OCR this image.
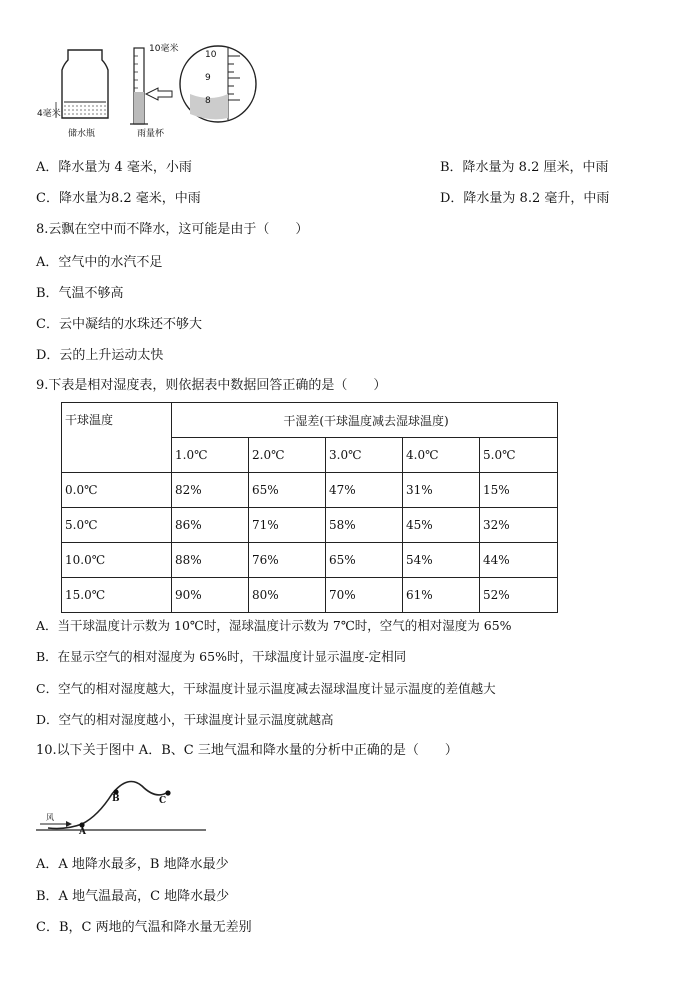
10毫米
10
9
8
4毫米
储水瓶	雨量杯
A．降水量为 4 毫米，小雨	B．降水量为 8.2 厘米，中雨
C．降水量为8.2 毫米，中雨	D．降水量为 8.2 毫升，中雨
8.云飘在空中而不降水，这可能是由于（　　）
A．空气中的水汽不足
B．气温不够高
C．云中凝结的水珠还不够大
D．云的上升运动太快
9.下表是相对湿度表，则依据表中数据回答正确的是（　　）
干球温度	干湿差(干球温度减去湿球温度)				
	1.0℃	2.0℃	3.0℃	4.0℃	5.0℃
0.0℃	82%	65%	47%	31%	15%
5.0℃	86%	71%	58%	45%	32%
10.0℃	88%	76%	65%	54%	44%
15.0℃	90%	80%	70%	61%	52%
A．当干球温度计示数为 10℃时，湿球温度计示数为 7℃时，空气的相对湿度为 65%
B．在显示空气的相对湿度为 65%时，干球温度计显示温度-定相同
C．空气的相对湿度越大，干球温度计显示温度减去湿球温度计显示温度的差值越大
D．空气的相对湿度越小，干球温度计显示温度就越高
10.以下关于图中 A．B、C 三地气温和降水量的分析中正确的是（　　）
风
A
B	C
A．A 地降水最多，B 地降水最少
B．A 地气温最高，C 地降水最少
C．B，C 两地的气温和降水量无差别
